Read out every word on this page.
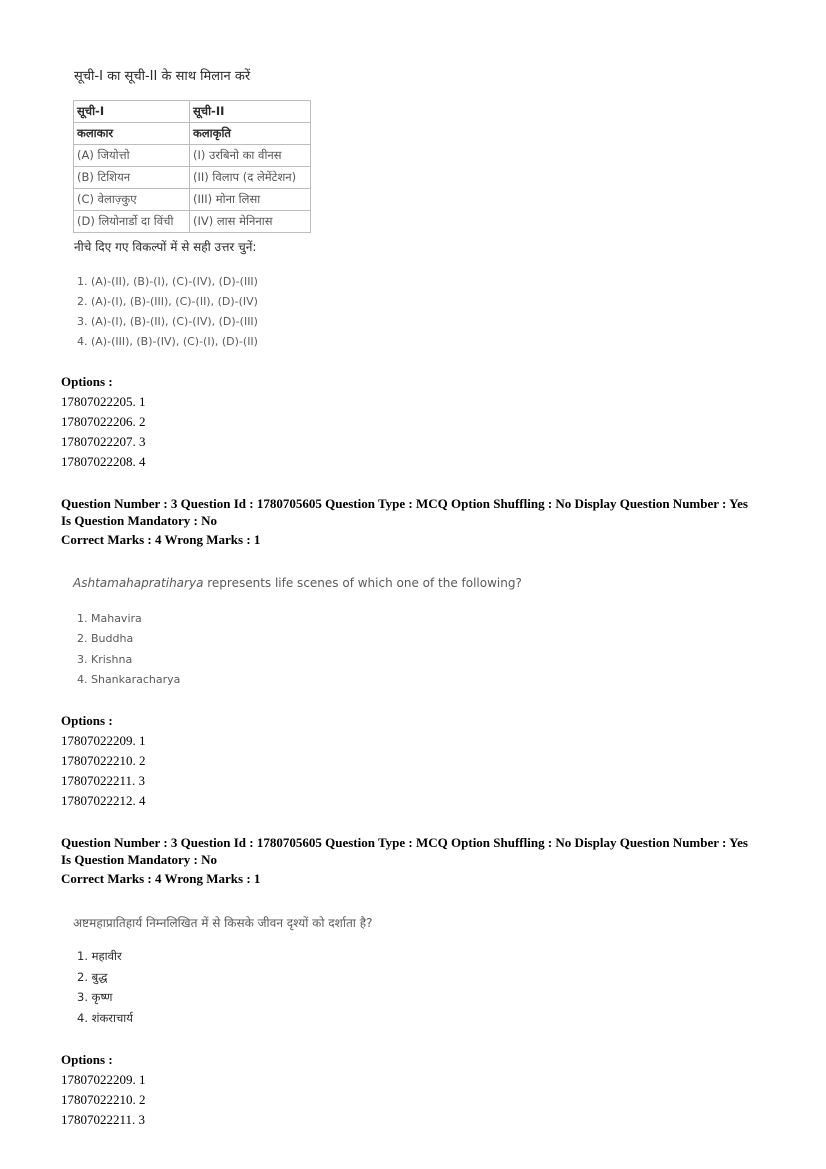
सूची-I का सूची-II के साथ मिलान करें
सूची-I	सूची-II
कलाकार	कलाकृति
(A) जियोत्तो	(I) उरबिनो का वीनस
(B) टिशियन	(II) विलाप (द लेमेंटेशन)
(C) वेलाज़्कुए	(III) मोना लिसा
(D) लियोनार्डो दा विंची	(IV) लास मेनिनास
नीचे दिए गए विकल्पों में से सही उत्तर चुनें:
1. (A)-(II), (B)-(I), (C)-(IV), (D)-(III)
2. (A)-(I), (B)-(III), (C)-(II), (D)-(IV)
3. (A)-(I), (B)-(II), (C)-(IV), (D)-(III)
4. (A)-(III), (B)-(IV), (C)-(I), (D)-(II)
Options :
17807022205. 1
17807022206. 2
17807022207. 3
17807022208. 4
Question Number : 3 Question Id : 1780705605 Question Type : MCQ Option Shuffling : No Display Question Number : Yes
Is Question Mandatory : No
Correct Marks : 4 Wrong Marks : 1
Ashtamahapratiharya represents life scenes of which one of the following?
1. Mahavira
2. Buddha
3. Krishna
4. Shankaracharya
Options :
17807022209. 1
17807022210. 2
17807022211. 3
17807022212. 4
Question Number : 3 Question Id : 1780705605 Question Type : MCQ Option Shuffling : No Display Question Number : Yes
Is Question Mandatory : No
Correct Marks : 4 Wrong Marks : 1
अष्टमहाप्रातिहार्य निम्नलिखित में से किसके जीवन दृश्यों को दर्शाता है?
1. महावीर
2. बुद्ध
3. कृष्ण
4. शंकराचार्य
Options :
17807022209. 1
17807022210. 2
17807022211. 3
